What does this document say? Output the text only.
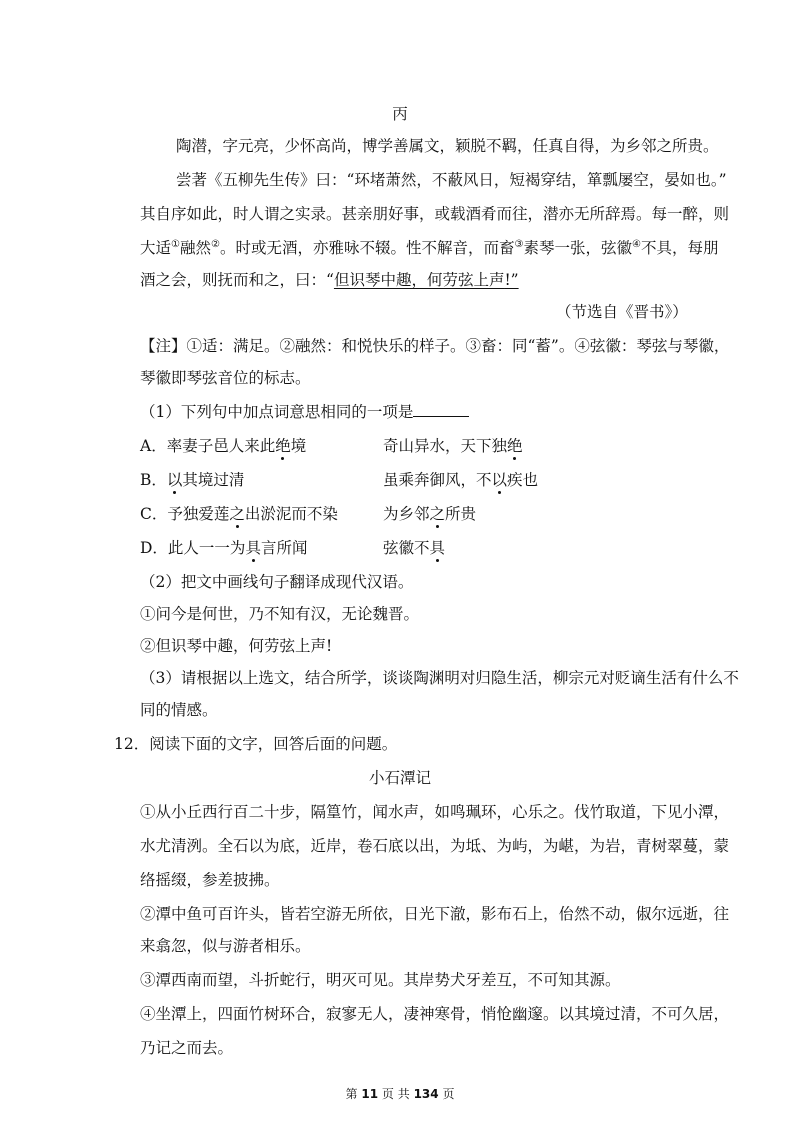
丙
陶潜，字元亮，少怀高尚，博学善属文，颖脱不羁，任真自得，为乡邻之所贵。
尝著《五柳先生传》曰：“环堵萧然，不蔽风日，短褐穿结，箪瓢屡空，晏如也。”
其自序如此，时人谓之实录。甚亲朋好事，或载酒肴而往，潜亦无所辞焉。每一醉，则
大适①融然②。时或无酒，亦雅咏不辍。性不解音，而畜③素琴一张，弦徽④不具，每朋
酒之会，则抚而和之，曰：“但识琴中趣，何劳弦上声!”
（节选自《晋书》）
【注】①适：满足。②融然：和悦快乐的样子。③畜：同“蓄”。④弦徽：琴弦与琴徽，
琴徽即琴弦音位的标志。
（1）下列句中加点词意思相同的一项是
A．率妻子邑人来此绝境	奇山异水，天下独绝
B．以其境过清	虽乘奔御风，不以疾也
C．予独爱莲之出淤泥而不染	为乡邻之所贵
D．此人一一为具言所闻	弦徽不具
（2）把文中画线句子翻译成现代汉语。
①问今是何世，乃不知有汉，无论魏晋。
②但识琴中趣，何劳弦上声!
（3）请根据以上选文，结合所学，谈谈陶渊明对归隐生活，柳宗元对贬谪生活有什么不
同的情感。
12．阅读下面的文字，回答后面的问题。
小石潭记
①从小丘西行百二十步，隔篁竹，闻水声，如鸣珮环，心乐之。伐竹取道，下见小潭，
水尤清洌。全石以为底，近岸，卷石底以出，为坻、为屿，为嵁，为岩，青树翠蔓，蒙
络摇缀，参差披拂。
②潭中鱼可百许头，皆若空游无所依，日光下澈，影布石上，佁然不动，俶尔远逝，往
来翕忽，似与游者相乐。
③潭西南而望，斗折蛇行，明灭可见。其岸势犬牙差互，不可知其源。
④坐潭上，四面竹树环合，寂寥无人，凄神寒骨，悄怆幽邃。以其境过清，不可久居，
乃记之而去。
第 11 页 共 134 页
